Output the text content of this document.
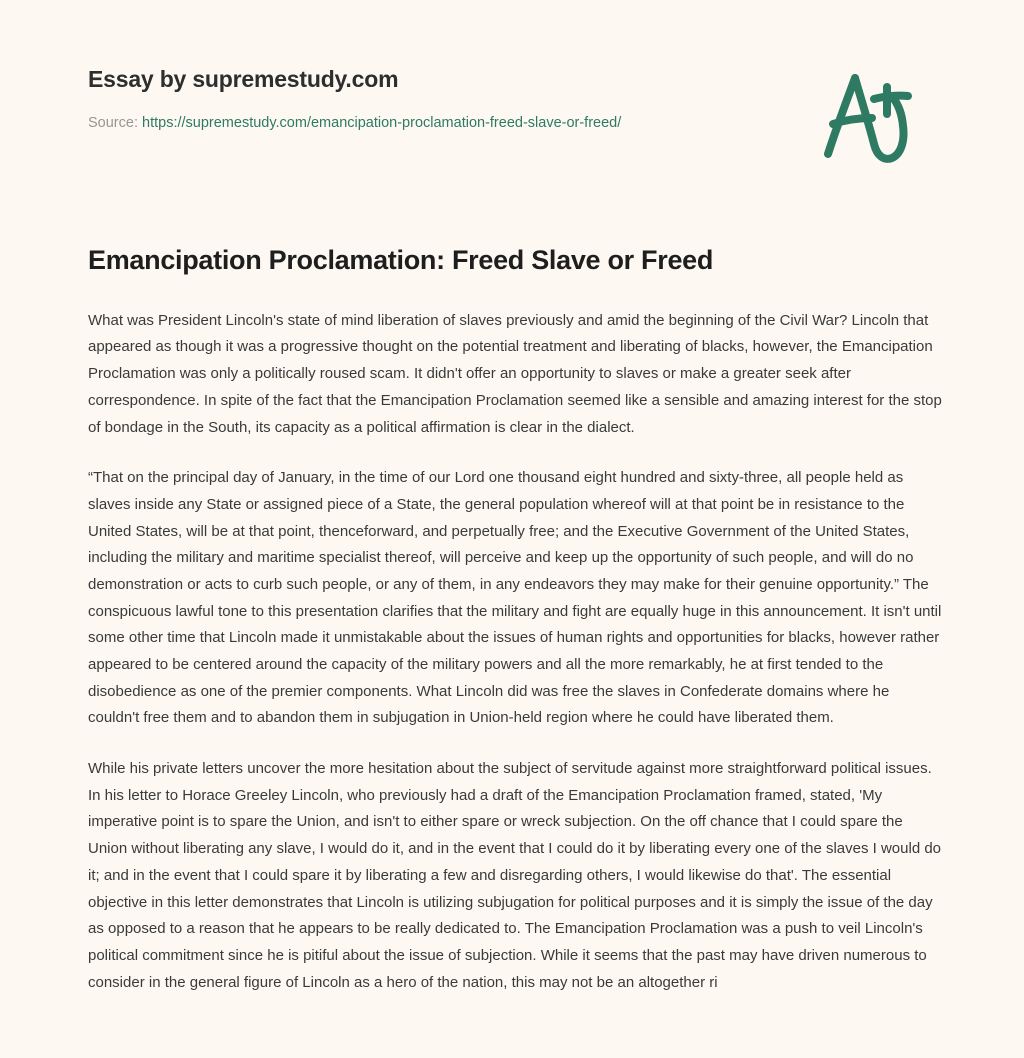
Essay by supremestudy.com
Source: https://supremestudy.com/emancipation-proclamation-freed-slave-or-freed/
Emancipation Proclamation: Freed Slave or Freed

What was President Lincoln's state of mind liberation of slaves previously and amid the beginning of the Civil War? Lincoln that appeared as though it was a progressive thought on the potential treatment and liberating of blacks, however, the Emancipation Proclamation was only a politically roused scam. It didn't offer an opportunity to slaves or make a greater seek after correspondence. In spite of the fact that the Emancipation Proclamation seemed like a sensible and amazing interest for the stop of bondage in the South, its capacity as a political affirmation is clear in the dialect.

“That on the principal day of January, in the time of our Lord one thousand eight hundred and sixty-three, all people held as slaves inside any State or assigned piece of a State, the general population whereof will at that point be in resistance to the United States, will be at that point, thenceforward, and perpetually free; and the Executive Government of the United States, including the military and maritime specialist thereof, will perceive and keep up the opportunity of such people, and will do no demonstration or acts to curb such people, or any of them, in any endeavors they may make for their genuine opportunity.” The conspicuous lawful tone to this presentation clarifies that the military and fight are equally huge in this announcement. It isn't until some other time that Lincoln made it unmistakable about the issues of human rights and opportunities for blacks, however rather appeared to be centered around the capacity of the military powers and all the more remarkably, he at first tended to the disobedience as one of the premier components. What Lincoln did was free the slaves in Confederate domains where he couldn't free them and to abandon them in subjugation in Union-held region where he could have liberated them.

While his private letters uncover the more hesitation about the subject of servitude against more straightforward political issues. In his letter to Horace Greeley Lincoln, who previously had a draft of the Emancipation Proclamation framed, stated, 'My imperative point is to spare the Union, and isn't to either spare or wreck subjection. On the off chance that I could spare the Union without liberating any slave, I would do it, and in the event that I could do it by liberating every one of the slaves I would do it; and in the event that I could spare it by liberating a few and disregarding others, I would likewise do that'. The essential objective in this letter demonstrates that Lincoln is utilizing subjugation for political purposes and it is simply the issue of the day as opposed to a reason that he appears to be really dedicated to. The Emancipation Proclamation was a push to veil Lincoln's political commitment since he is pitiful about the issue of subjection. While it seems that the past may have driven numerous to consider in the general figure of Lincoln as a hero of the nation, this may not be an altogether ri
